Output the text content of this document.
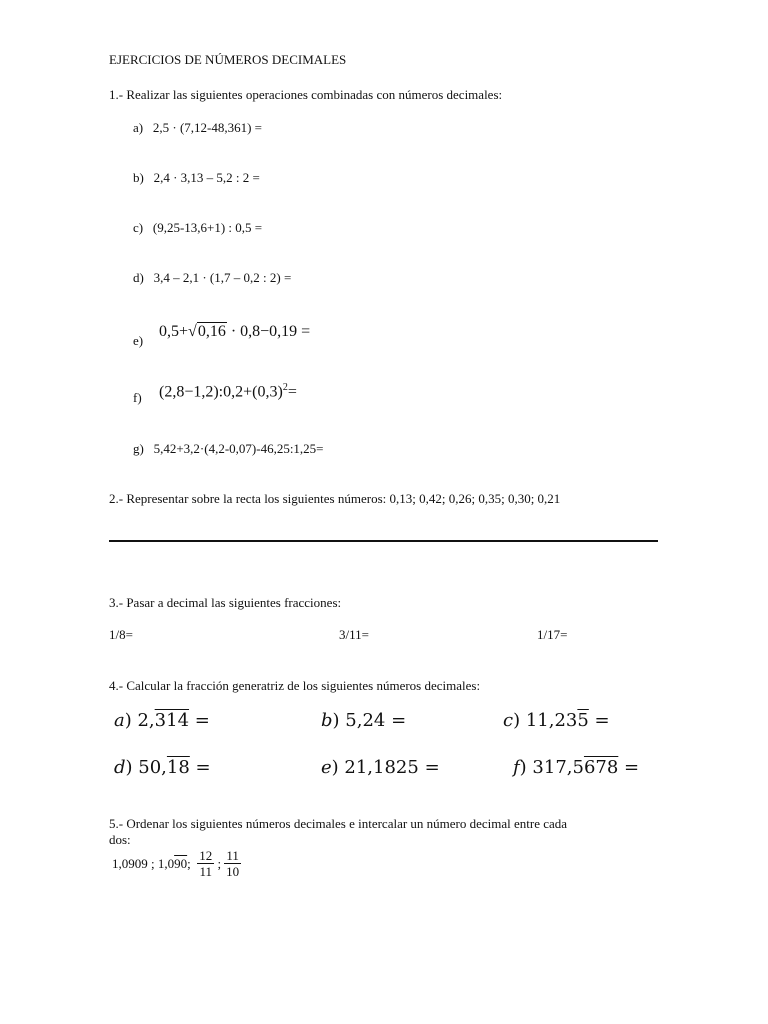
EJERCICIOS DE NÚMEROS DECIMALES
1.- Realizar las siguientes operaciones combinadas con números decimales:
a) 2,5 · (7,12-48,361) =
b) 2,4 · 3,13 – 5,2 : 2 =
c) (9,25-13,6+1) : 0,5 =
d) 3,4 – 2,1 · (1,7 – 0,2 : 2) =
e)
0,5+√0,16 · 0,8−0,19 =
f) $(2,8-1,2):0,2+(0,3)^2=$
g) 5,42+3,2·(4,2-0,07)-46,25:1,25=
2.- Representar sobre la recta los siguientes números: 0,13; 0,42; 0,26; 0,35; 0,30; 0,21
3.- Pasar a decimal las siguientes fracciones:
1/8=	3/11=	1/17=
4.- Calcular la fracción generatriz de los siguientes números decimales:
a) 2,314 =	b) 5,24 =	c) 11,235 =
d) 50,18 =	e) 21,1825 =	f) 317,5678 =
5.- Ordenar los siguientes números decimales e intercalar un número decimal entre cada
dos:
1,0909 ;
1,0 90 ;
$\frac{12}{11}$
;
$\frac{11}{10}$
